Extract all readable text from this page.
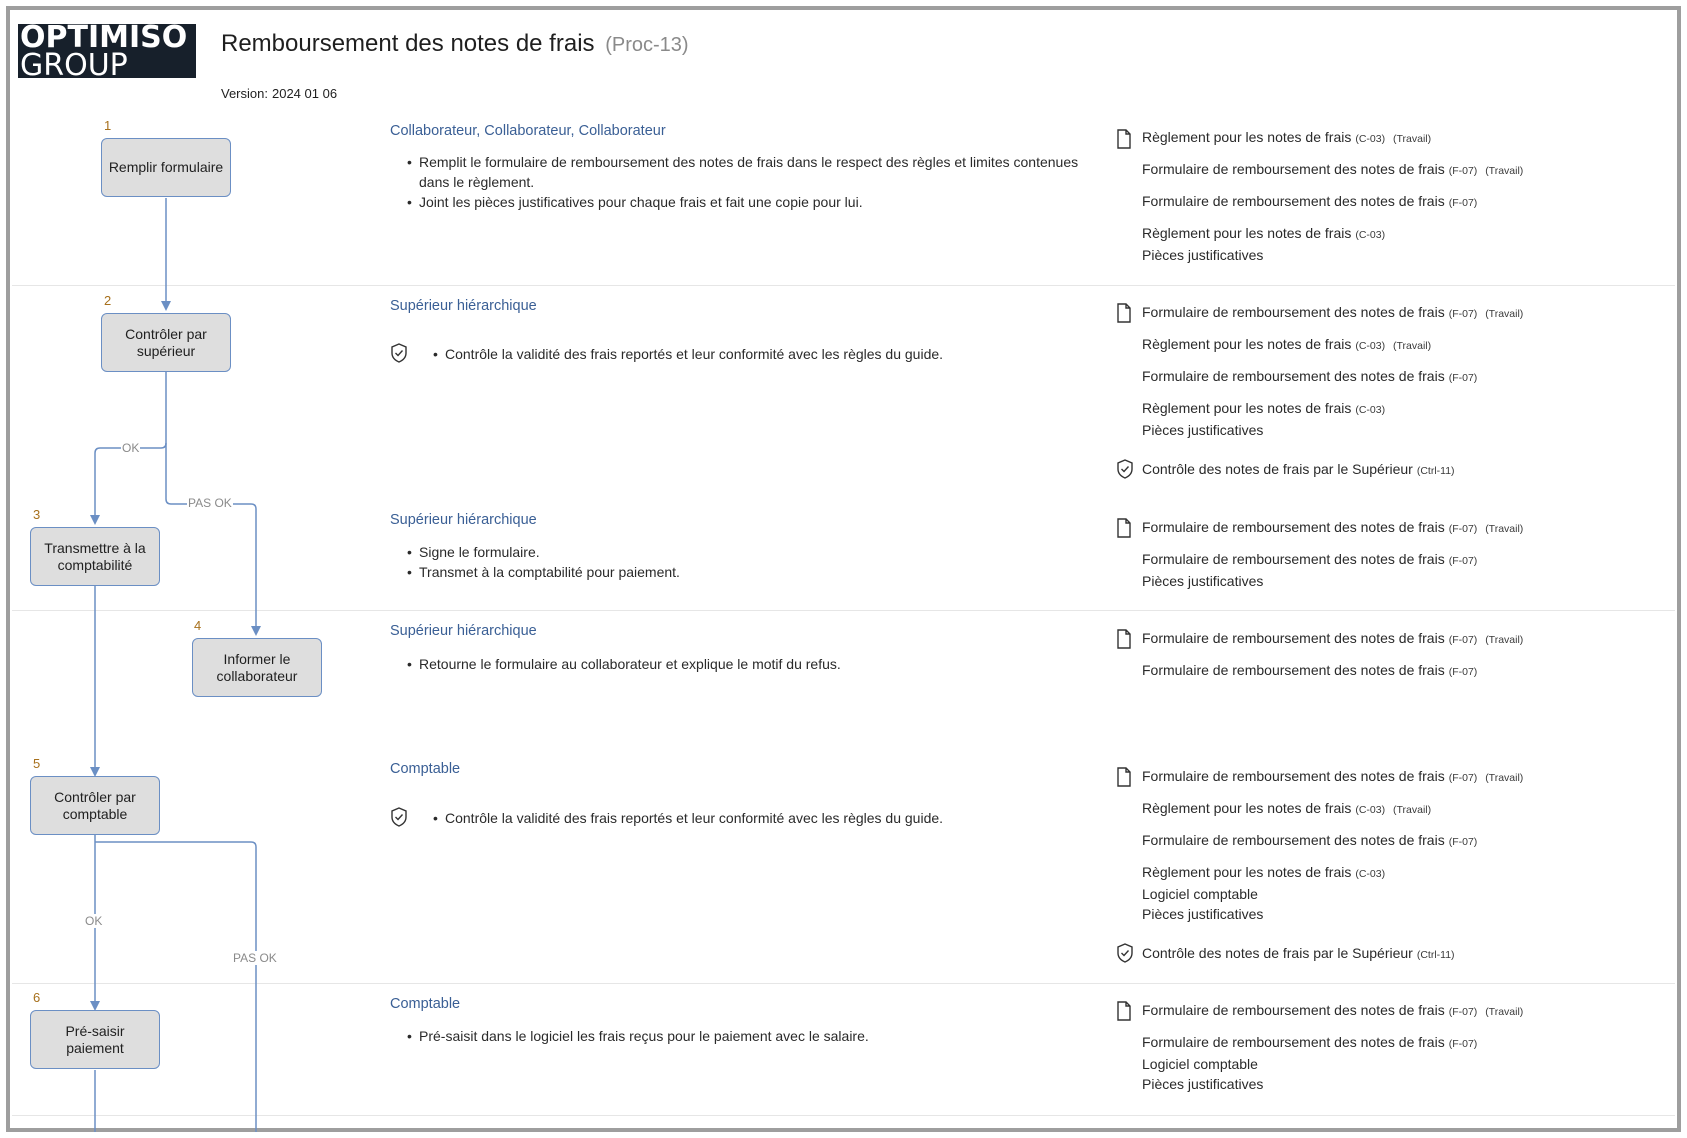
OPTIMISO
GROUP
Remboursement des notes de frais (Proc-13)
Version: 2024 01 06
OK
PAS OK
OK
PAS OK
1
Remplir formulaire
Collaborateur, Collaborateur, Collaborateur
• Remplit le formulaire de remboursement des notes de frais dans le respect des règles et limites contenues dans le règlement.
• Joint les pièces justificatives pour chaque frais et fait une copie pour lui.
Règlement pour les notes de frais (C-03) (Travail)
Formulaire de remboursement des notes de frais (F-07) (Travail)
Formulaire de remboursement des notes de frais (F-07)
Règlement pour les notes de frais (C-03)
Pièces justificatives
2
Contrôler par supérieur
Supérieur hiérarchique
• Contrôle la validité des frais reportés et leur conformité avec les règles du guide.
Formulaire de remboursement des notes de frais (F-07) (Travail)
Règlement pour les notes de frais (C-03) (Travail)
Formulaire de remboursement des notes de frais (F-07)
Règlement pour les notes de frais (C-03)
Pièces justificatives
Contrôle des notes de frais par le Supérieur (Ctrl-11)
3
Transmettre à la comptabilité
Supérieur hiérarchique
• Signe le formulaire.
• Transmet à la comptabilité pour paiement.
Formulaire de remboursement des notes de frais (F-07) (Travail)
Formulaire de remboursement des notes de frais (F-07)
Pièces justificatives
4
Informer le collaborateur
Supérieur hiérarchique
• Retourne le formulaire au collaborateur et explique le motif du refus.
Formulaire de remboursement des notes de frais (F-07) (Travail)
Formulaire de remboursement des notes de frais (F-07)
5
Contrôler par comptable
Comptable
• Contrôle la validité des frais reportés et leur conformité avec les règles du guide.
Formulaire de remboursement des notes de frais (F-07) (Travail)
Règlement pour les notes de frais (C-03) (Travail)
Formulaire de remboursement des notes de frais (F-07)
Règlement pour les notes de frais (C-03)
Logiciel comptable
Pièces justificatives
Contrôle des notes de frais par le Supérieur (Ctrl-11)
6
Pré-saisir paiement
Comptable
• Pré-saisit dans le logiciel les frais reçus pour le paiement avec le salaire.
Formulaire de remboursement des notes de frais (F-07) (Travail)
Formulaire de remboursement des notes de frais (F-07)
Logiciel comptable
Pièces justificatives
